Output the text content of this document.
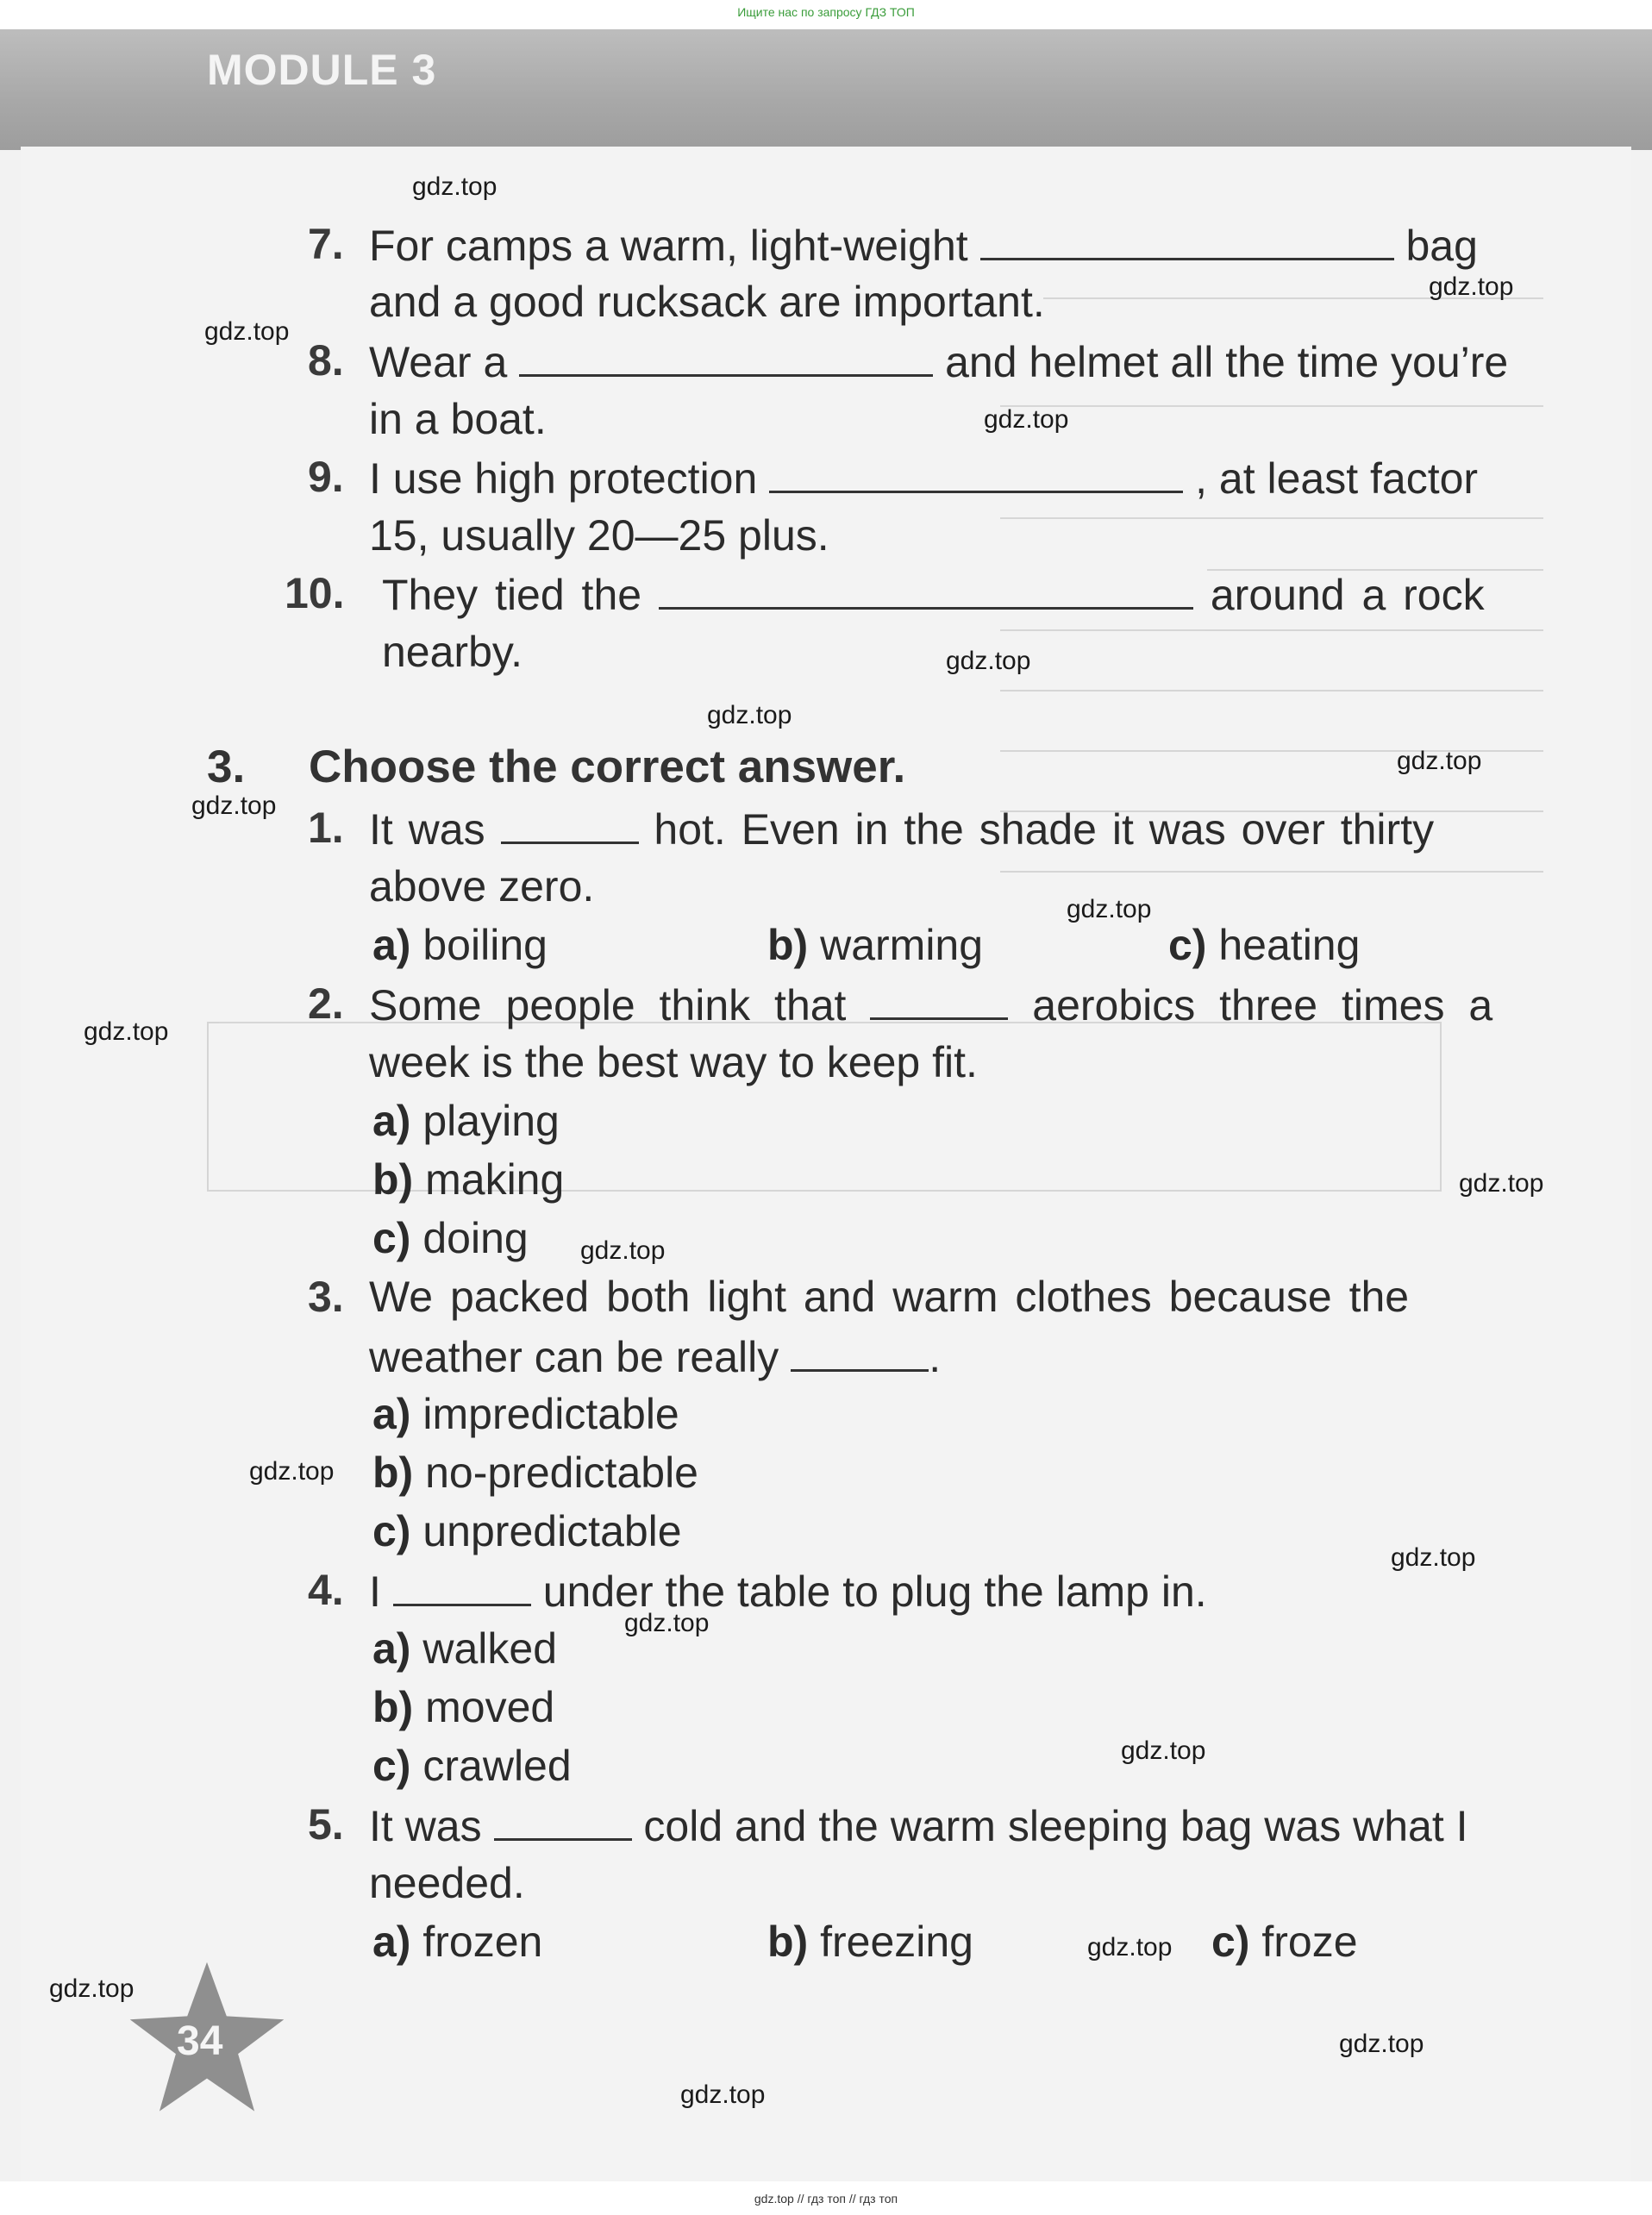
Ищите нас по запросу ГДЗ ТОП
MODULE 3
7. For camps a warm, light-weight	bag
and a good rucksack are important.
8. Wear a	and helmet all the time you’re
in a boat.
9. I use high protection	, at least factor
15, usually 20—25 plus.
10. They tied the	around a rock
nearby.
3. Choose the correct answer.
1. It was	hot. Even in the shade it was over thirty
above zero.
a) boiling	b) warming	c) heating
2. Some people think that	aerobics three times a
week is the best way to keep fit.
a) playing
b) making
c) doing
3. We packed both light and warm clothes because the
weather can be really	.
a) impredictable
b) no-predictable
c) unpredictable
4. I	under the table to plug the lamp in.
a) walked
b) moved
c) crawled
5. It was	cold and the warm sleeping bag was what I
needed.
a) frozen	b) freezing	c) froze
34
gdz.top
gdz.top
gdz.top
gdz.top
gdz.top
gdz.top
gdz.top
gdz.top
gdz.top
gdz.top
gdz.top
gdz.top
gdz.top
gdz.top
gdz.top
gdz.top
gdz.top
gdz.top
gdz.top
gdz.top
gdz.top // гдз топ // гдз топ
